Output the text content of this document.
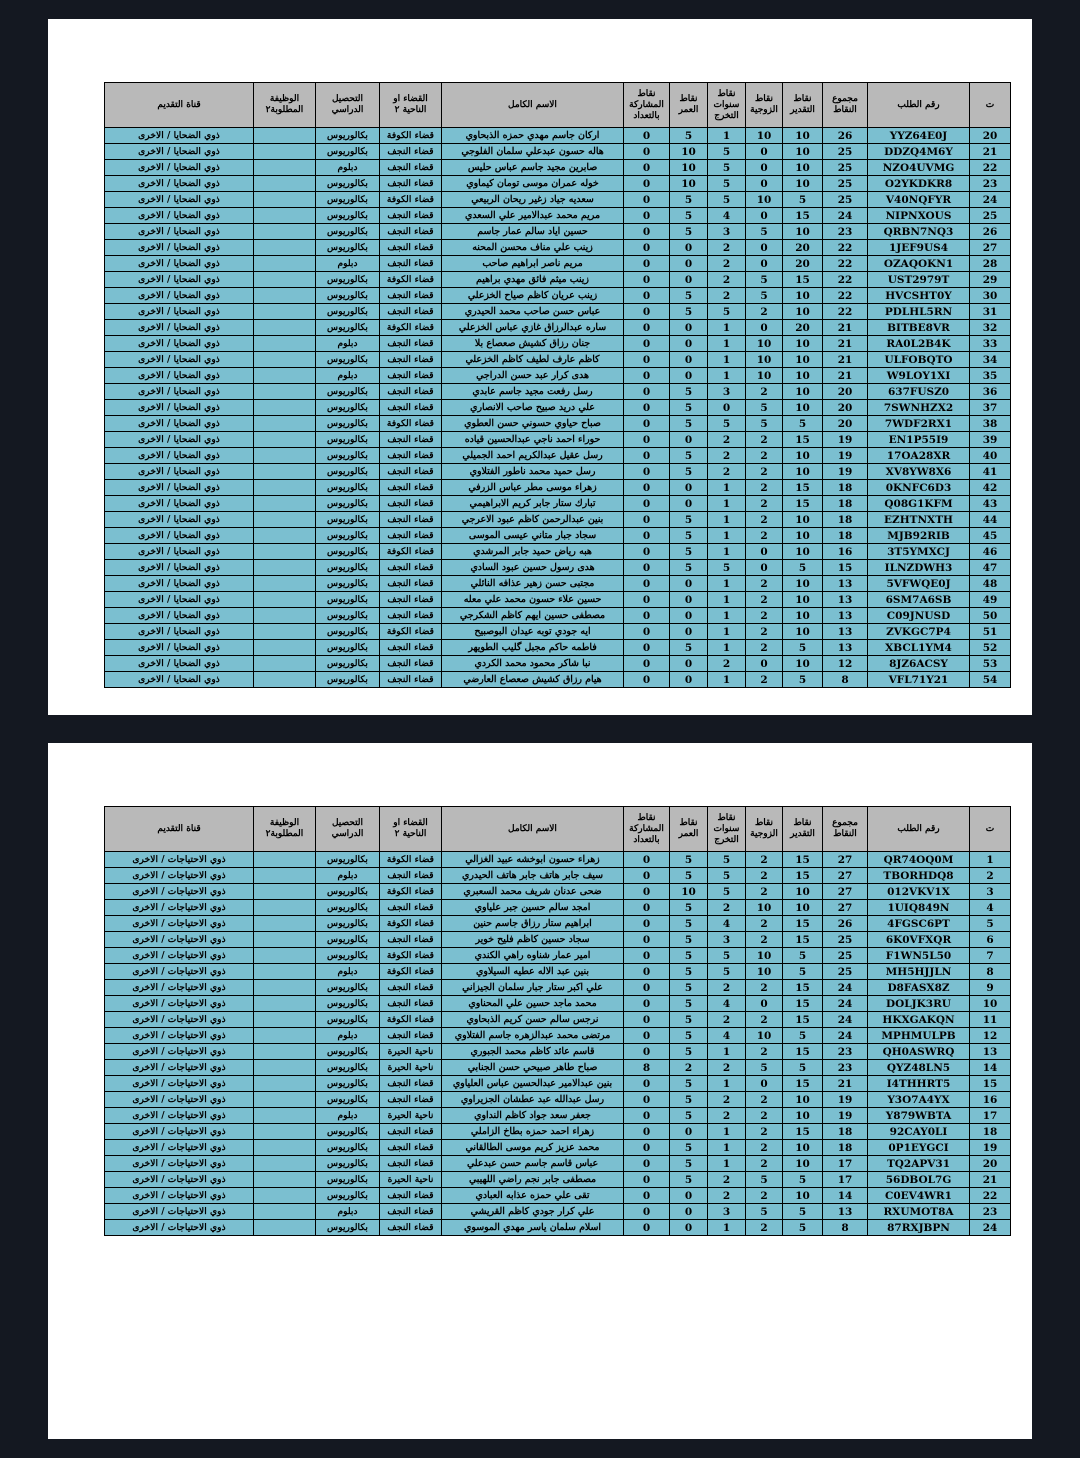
ت	رقم الطلب	مجموع النقاط	نقاط التقدير	نقاط الزوجية	نقاط سنوات التخرج	نقاط العمر	نقاط المشاركة بالتعداد	الاسم الكامل	القضاء او الناحية ٢	التحصيل الدراسي	الوظيفة المطلوبة٢	قناة التقديم
20	YYZ64E0J	26	10	10	1	5	0	اركان جاسم مهدي حمزه الذبحاوي	قضاء الكوفة	بكالوريوس		ذوي الضحايا / الاخرى
21	DDZQ4M6Y	25	10	0	5	10	0	هاله حسون عبدعلي سلمان الفلوجي	قضاء النجف	بكالوريوس		ذوي الضحايا / الاخرى
22	NZO4UVMG	25	10	0	5	10	0	صابرين مجيد جاسم عباس حليس	قضاء النجف	دبلوم		ذوي الضحايا / الاخرى
23	O2YKDKR8	25	10	0	5	10	0	خوله عمران موسى تومان كيماوي	قضاء النجف	بكالوريوس		ذوي الضحايا / الاخرى
24	V40NQFYR	25	5	10	5	5	0	سعديه جياد زغير ريحان الربيعي	قضاء الكوفة	بكالوريوس		ذوي الضحايا / الاخرى
25	NIPNXOUS	24	15	0	4	5	0	مريم محمد عبدالامير علي السعدي	قضاء النجف	بكالوريوس		ذوي الضحايا / الاخرى
26	QRBN7NQ3	23	10	5	3	5	0	حسين اياد سالم عمار جاسم	قضاء النجف	بكالوريوس		ذوي الضحايا / الاخرى
27	1JEF9US4	22	20	0	2	0	0	زينب علي مناف محسن المحنه	قضاء النجف	بكالوريوس		ذوي الضحايا / الاخرى
28	OZAQOKN1	22	20	0	2	0	0	مريم ناصر ابراهيم صاحب	قضاء النجف	دبلوم		ذوي الضحايا / الاخرى
29	UST2979T	22	15	5	2	0	0	زينب ميثم فائق مهدي براهيم	قضاء الكوفة	بكالوريوس		ذوي الضحايا / الاخرى
30	HVCSHT0Y	22	10	5	2	5	0	زينب عريان كاظم صياح الخزعلي	قضاء النجف	بكالوريوس		ذوي الضحايا / الاخرى
31	PDLHL5RN	22	10	2	5	5	0	عباس حسن صاحب محمد الحيدري	قضاء النجف	بكالوريوس		ذوي الضحايا / الاخرى
32	BITBE8VR	21	20	0	1	0	0	ساره عبدالرزاق غازي عباس الخزعلي	قضاء الكوفة	بكالوريوس		ذوي الضحايا / الاخرى
33	RA0L2B4K	21	10	10	1	0	0	جنان رزاق كشيش صعصاع بلا	قضاء النجف	دبلوم		ذوي الضحايا / الاخرى
34	ULFOBQTO	21	10	10	1	0	0	كاظم عارف لطيف كاظم الخزعلي	قضاء النجف	بكالوريوس		ذوي الضحايا / الاخرى
35	W9LOY1XI	21	10	10	1	0	0	هدى كرار عبد حسن الدراجي	قضاء النجف	دبلوم		ذوي الضحايا / الاخرى
36	637FUSZ0	20	10	2	3	5	0	رسل رفعت مجيد جاسم عابدي	قضاء النجف	بكالوريوس		ذوي الضحايا / الاخرى
37	7SWNHZX2	20	10	5	0	5	0	علي دريد صبيح صاحب الانصاري	قضاء النجف	بكالوريوس		ذوي الضحايا / الاخرى
38	7WDF2RX1	20	5	5	5	5	0	صباح حياوي حسوني حسن العطوي	قضاء الكوفة	بكالوريوس		ذوي الضحايا / الاخرى
39	EN1P55I9	19	15	2	2	0	0	حوراء احمد ناجي عبدالحسين قياده	قضاء النجف	بكالوريوس		ذوي الضحايا / الاخرى
40	17OA28XR	19	10	2	2	5	0	رسل عقيل عبدالكريم احمد الجميلي	قضاء النجف	بكالوريوس		ذوي الضحايا / الاخرى
41	XV8YW8X6	19	10	2	2	5	0	رسل حميد محمد ناطور الفتلاوي	قضاء النجف	بكالوريوس		ذوي الضحايا / الاخرى
42	0KNFC6D3	18	15	2	1	0	0	زهراء موسى مطر عباس الزرفي	قضاء النجف	بكالوريوس		ذوي الضحايا / الاخرى
43	Q08G1KFM	18	15	2	1	0	0	تبارك ستار جابر كريم الابراهيمي	قضاء النجف	بكالوريوس		ذوي الضحايا / الاخرى
44	EZHTNXTH	18	10	2	1	5	0	بنين عبدالرحمن كاظم عبود الاعرجي	قضاء النجف	بكالوريوس		ذوي الضحايا / الاخرى
45	MJB92RIB	18	10	2	1	5	0	سجاد جبار متاني عيسى الموسى	قضاء النجف	بكالوريوس		ذوي الضحايا / الاخرى
46	3T5YMXCJ	16	10	0	1	5	0	هبه رياض حميد جابر المرشدي	قضاء الكوفة	بكالوريوس		ذوي الضحايا / الاخرى
47	ILNZDWH3	15	5	0	5	5	0	هدى رسول حسين عبود السادي	قضاء النجف	بكالوريوس		ذوي الضحايا / الاخرى
48	5VFWQE0J	13	10	2	1	0	0	مجتبى حسن زهير عذافه النائلي	قضاء النجف	بكالوريوس		ذوي الضحايا / الاخرى
49	6SM7A6SB	13	10	2	1	0	0	حسين علاء حسون محمد علي معله	قضاء النجف	بكالوريوس		ذوي الضحايا / الاخرى
50	C09JNUSD	13	10	2	1	0	0	مصطفى حسين ايهم كاظم الشكرجي	قضاء النجف	بكالوريوس		ذوي الضحايا / الاخرى
51	ZVKGC7P4	13	10	2	1	0	0	ايه جودي توبه عيدان البوصبيح	قضاء الكوفة	بكالوريوس		ذوي الضحايا / الاخرى
52	XBCL1YM4	13	5	2	1	5	0	فاطمه حاكم مجبل گليب الطويهر	قضاء النجف	بكالوريوس		ذوي الضحايا / الاخرى
53	8JZ6ACSY	12	10	0	2	0	0	نبا شاكر محمود محمد الكردي	قضاء النجف	بكالوريوس		ذوي الضحايا / الاخرى
54	VFL71Y21	8	5	2	1	0	0	هيام رزاق كشيش صعصاع العارضي	قضاء النجف	بكالوريوس		ذوي الضحايا / الاخرى
ت	رقم الطلب	مجموع النقاط	نقاط التقدير	نقاط الزوجية	نقاط سنوات التخرج	نقاط العمر	نقاط المشاركة بالتعداد	الاسم الكامل	القضاء او الناحية ٢	التحصيل الدراسي	الوظيفة المطلوبة٢	قناة التقديم
1	QR74OQ0M	27	15	2	5	5	0	زهراء حسون ابوخشه عبيد الغزالي	قضاء الكوفة	بكالوريوس		ذوي الاحتياجات / الاخرى
2	TBORHDQ8	27	15	2	5	5	0	سيف جابر هاتف جابر هاتف الحيدري	قضاء النجف	دبلوم		ذوي الاحتياجات / الاخرى
3	012VKV1X	27	10	2	5	10	0	ضحى عدنان شريف محمد السعبري	قضاء الكوفة	بكالوريوس		ذوي الاحتياجات / الاخرى
4	1UIQ849N	27	10	10	2	5	0	امجد سالم حسين جبر علياوي	قضاء النجف	بكالوريوس		ذوي الاحتياجات / الاخرى
5	4FGSC6PT	26	15	2	4	5	0	ابراهيم ستار رزاق جاسم حنين	قضاء الكوفة	بكالوريوس		ذوي الاحتياجات / الاخرى
6	6K0VFXQR	25	15	2	3	5	0	سجاد حسين كاظم فليح خوير	قضاء النجف	بكالوريوس		ذوي الاحتياجات / الاخرى
7	F1WN5L50	25	5	10	5	5	0	امير عمار شناوه راهي الكندي	قضاء الكوفة	بكالوريوس		ذوي الاحتياجات / الاخرى
8	MH5HJJLN	25	5	10	5	5	0	بنين عبد الاله عطيه السيلاوي	قضاء الكوفة	دبلوم		ذوي الاحتياجات / الاخرى
9	D8FASX8Z	24	15	2	2	5	0	علي اكبر ستار جبار سلمان الجيزاني	قضاء النجف	بكالوريوس		ذوي الاحتياجات / الاخرى
10	DOLJK3RU	24	15	0	4	5	0	محمد ماجد حسين علي المحناوي	قضاء النجف	بكالوريوس		ذوي الاحتياجات / الاخرى
11	HKXGAKQN	24	15	2	2	5	0	نرجس سالم حسن كريم الذبحاوي	قضاء الكوفة	بكالوريوس		ذوي الاحتياجات / الاخرى
12	MPHMULPB	24	5	10	4	5	0	مرتضى محمد عبدالزهره جاسم الفتلاوي	قضاء النجف	دبلوم		ذوي الاحتياجات / الاخرى
13	QH0ASWRQ	23	15	2	1	5	0	قاسم عائد كاظم محمد الجبوري	ناحية الحيرة	بكالوريوس		ذوي الاحتياجات / الاخرى
14	QYZ48LN5	23	5	5	2	2	8	صباح طاهر صبيحي حسن الجنابي	ناحية الحيرة	بكالوريوس		ذوي الاحتياجات / الاخرى
15	I4THHRT5	21	15	0	1	5	0	بنين عبدالامير عبدالحسين عباس العلياوي	قضاء النجف	بكالوريوس		ذوي الاحتياجات / الاخرى
16	Y3O7A4YX	19	10	2	2	5	0	رسل عبدالله عبد عطشان الجزيراوي	قضاء النجف	بكالوريوس		ذوي الاحتياجات / الاخرى
17	Y879WBTA	19	10	2	2	5	0	جعفر سعد جواد كاظم النداوي	ناحية الحيرة	دبلوم		ذوي الاحتياجات / الاخرى
18	92CAY0LI	18	15	2	1	0	0	زهراء احمد حمزه بطاخ الزاملي	قضاء النجف	بكالوريوس		ذوي الاحتياجات / الاخرى
19	0P1EYGCI	18	10	2	1	5	0	محمد عزيز كريم موسى الطالقاني	قضاء النجف	بكالوريوس		ذوي الاحتياجات / الاخرى
20	TQ2APV31	17	10	2	1	5	0	عباس قاسم جاسم حسن عبدعلي	قضاء النجف	بكالوريوس		ذوي الاحتياجات / الاخرى
21	56DBOL7G	17	5	5	2	5	0	مصطفى جابر نجم راضي اللهيبي	ناحية الحيرة	بكالوريوس		ذوي الاحتياجات / الاخرى
22	C0EV4WR1	14	10	2	2	0	0	تقى علي حمزه عذابه العبادي	قضاء النجف	بكالوريوس		ذوي الاحتياجات / الاخرى
23	RXUMOT8A	13	5	5	3	0	0	علي كرار جودي كاظم القريشي	قضاء النجف	دبلوم		ذوي الاحتياجات / الاخرى
24	87RXJBPN	8	5	2	1	0	0	اسلام سلمان ياسر مهدي الموسوي	قضاء النجف	بكالوريوس		ذوي الاحتياجات / الاخرى
